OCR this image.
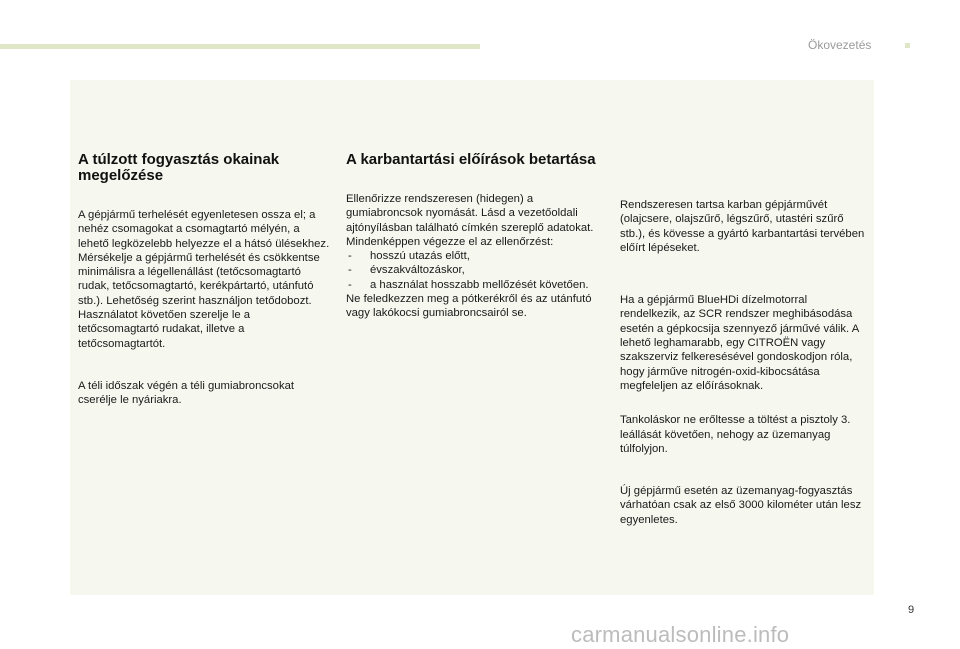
Ökovezetés
A túlzott fogyasztás okainak megelőzése

A gépjármű terhelését egyenletesen ossza el; a nehéz csomagokat a csomagtartó mélyén, a lehető legközelebb helyezze el a hátsó ülésekhez.

Mérsékelje a gépjármű terhelését és csökkentse minimálisra a légellenállást (tetőcsomagtartó rudak, tetőcsomagtartó, kerékpártartó, utánfutó stb.). Lehetőség szerint használjon tetődobozt.

Használatot követően szerelje le a tetőcsomagtartó rudakat, illetve a tetőcsomagtartót.

A téli időszak végén a téli gumiabroncsokat cserélje le nyáriakra.

A karbantartási előírások betartása

Ellenőrizze rendszeresen (hidegen) a gumiabroncsok nyomását. Lásd a vezetőoldali ajtónyílásban található címkén szereplő adatokat.

Mindenképpen végezze el az ellenőrzést:

- hosszú utazás előtt,
- évszakváltozáskor,
- a használat hosszabb mellőzését követően.

Ne feledkezzen meg a pótkerékről és az utánfutó vagy lakókocsi gumiabroncsairól se.

Rendszeresen tartsa karban gépjárművét (olajcsere, olajszűrő, légszűrő, utastéri szűrő stb.), és kövesse a gyártó karbantartási tervében előírt lépéseket.

Ha a gépjármű BlueHDi dízelmotorral rendelkezik, az SCR rendszer meghibásodása esetén a gépkocsija szennyező járművé válik. A lehető leghamarabb, egy CITROËN vagy szakszerviz felkeresésével gondoskodjon róla, hogy járműve nitrogén-oxid-kibocsátása megfeleljen az előírásoknak.

Tankoláskor ne erőltesse a töltést a pisztoly 3. leállását követően, nehogy az üzemanyag túlfolyjon.

Új gépjármű esetén az üzemanyag-fogyasztás várhatóan csak az első 3000 kilométer után lesz egyenletes.

9
carmanualsonline.info
